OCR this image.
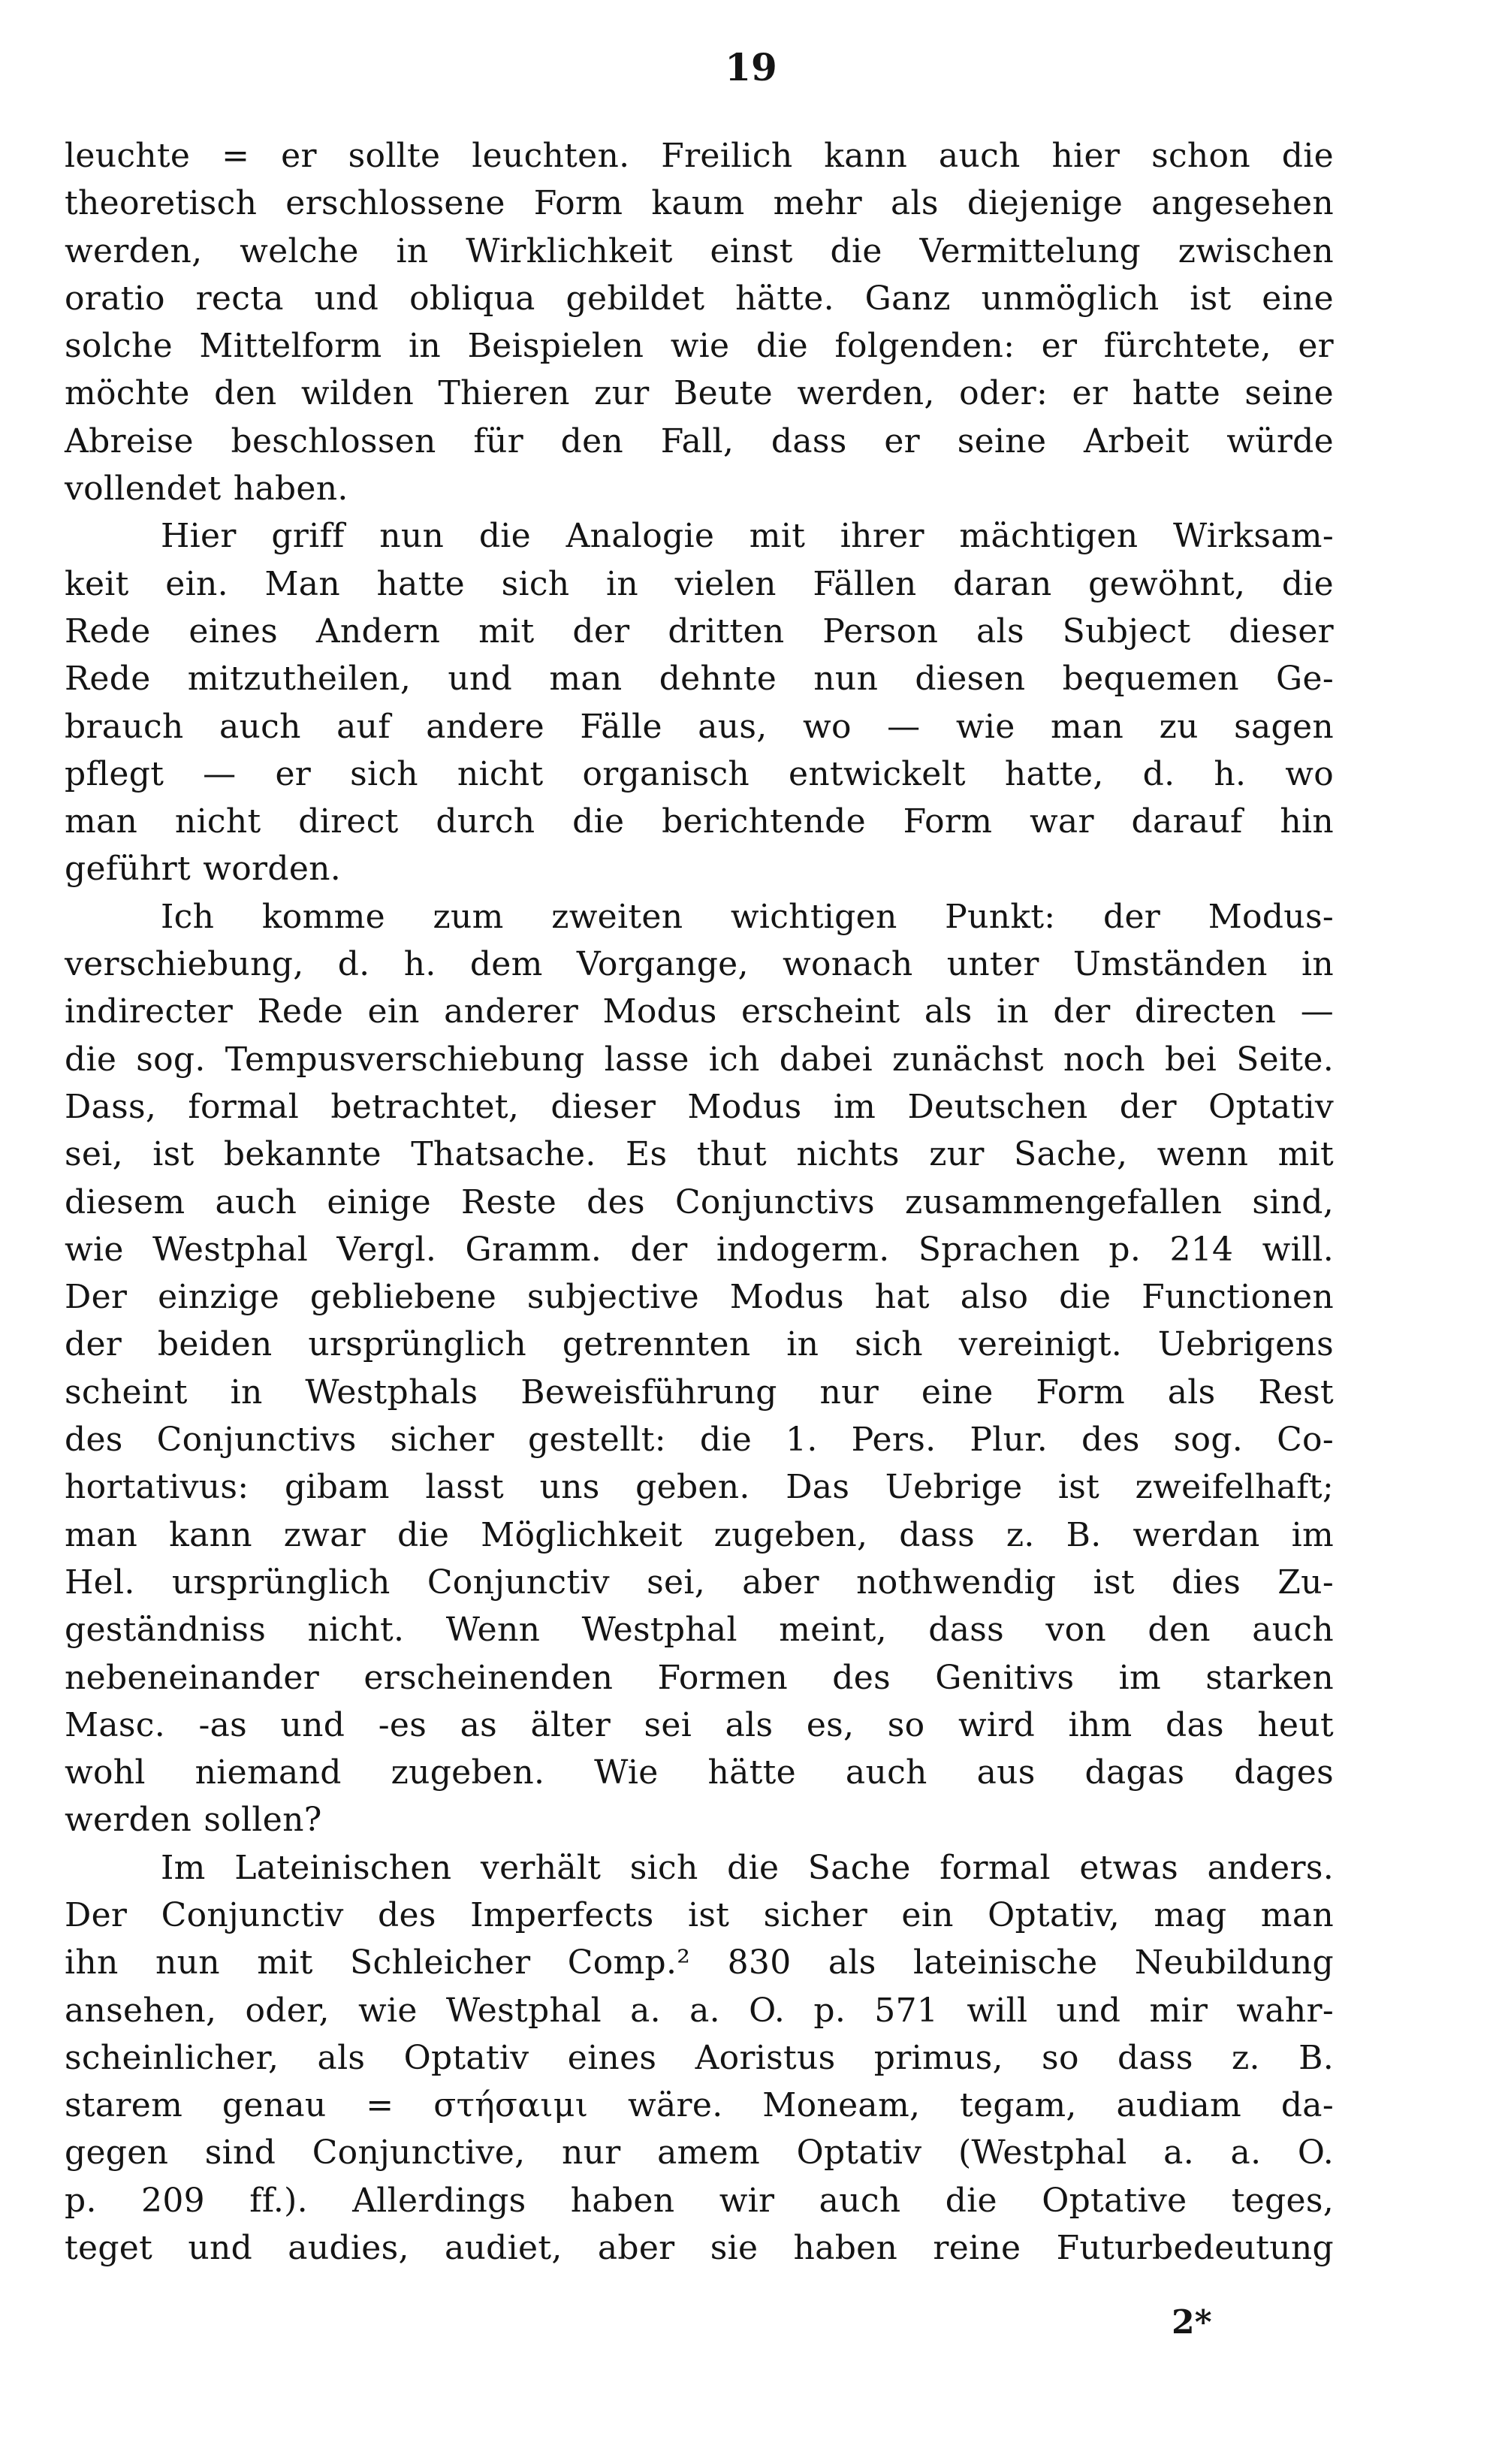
19
leuchte = er sollte leuchten. Freilich kann auch hier schon die
theoretisch erschlossene Form kaum mehr als diejenige angesehen
werden, welche in Wirklichkeit einst die Vermittelung zwischen
oratio recta und obliqua gebildet hätte. Ganz unmöglich ist eine
solche Mittelform in Beispielen wie die folgenden: er fürchtete, er
möchte den wilden Thieren zur Beute werden, oder: er hatte seine
Abreise beschlossen für den Fall, dass er seine Arbeit würde
vollendet haben.
Hier griff nun die Analogie mit ihrer mächtigen Wirksam-
keit ein. Man hatte sich in vielen Fällen daran gewöhnt, die
Rede eines Andern mit der dritten Person als Subject dieser
Rede mitzutheilen, und man dehnte nun diesen bequemen Ge-
brauch auch auf andere Fälle aus, wo — wie man zu sagen
pflegt — er sich nicht organisch entwickelt hatte, d. h. wo
man nicht direct durch die berichtende Form war darauf hin
geführt worden.
Ich komme zum zweiten wichtigen Punkt: der Modus-
verschiebung, d. h. dem Vorgange, wonach unter Umständen in
indirecter Rede ein anderer Modus erscheint als in der directen —
die sog. Tempusverschiebung lasse ich dabei zunächst noch bei Seite.
Dass, formal betrachtet, dieser Modus im Deutschen der Optativ
sei, ist bekannte Thatsache. Es thut nichts zur Sache, wenn mit
diesem auch einige Reste des Conjunctivs zusammengefallen sind,
wie Westphal Vergl. Gramm. der indogerm. Sprachen p. 214 will.
Der einzige gebliebene subjective Modus hat also die Functionen
der beiden ursprünglich getrennten in sich vereinigt. Uebrigens
scheint in Westphals Beweisführung nur eine Form als Rest
des Conjunctivs sicher gestellt: die 1. Pers. Plur. des sog. Co-
hortativus: gibam lasst uns geben. Das Uebrige ist zweifelhaft;
man kann zwar die Möglichkeit zugeben, dass z. B. werdan im
Hel. ursprünglich Conjunctiv sei, aber nothwendig ist dies Zu-
geständniss nicht. Wenn Westphal meint, dass von den auch
nebeneinander erscheinenden Formen des Genitivs im starken
Masc. -as und -es as älter sei als es, so wird ihm das heut
wohl niemand zugeben. Wie hätte auch aus dagas dages
werden sollen?
Im Lateinischen verhält sich die Sache formal etwas anders.
Der Conjunctiv des Imperfects ist sicher ein Optativ, mag man
ihn nun mit Schleicher Comp.² 830 als lateinische Neubildung
ansehen, oder, wie Westphal a. a. O. p. 571 will und mir wahr-
scheinlicher, als Optativ eines Aoristus primus, so dass z. B.
starem genau = στήσαιμι wäre. Moneam, tegam, audiam da-
gegen sind Conjunctive, nur amem Optativ (Westphal a. a. O.
p. 209 ff.). Allerdings haben wir auch die Optative teges,
teget und audies, audiet, aber sie haben reine Futurbedeutung
2*
